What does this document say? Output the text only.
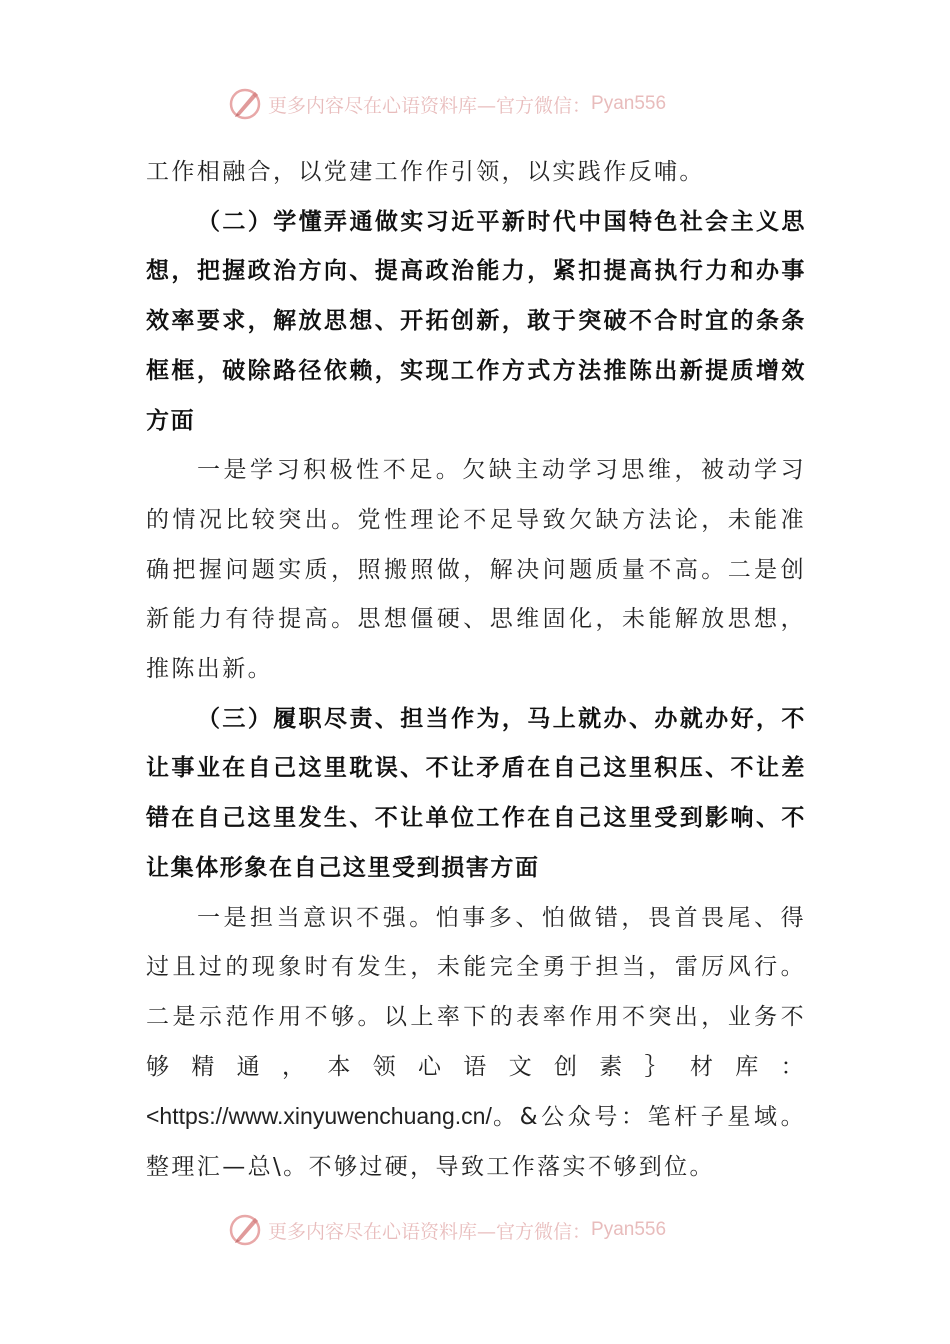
更多内容尽在心语资料库—官方微信： Pyan556

工作相融合，以党建工作作引领，以实践作反哺。

（二）学懂弄通做实习近平新时代中国特色社会主义思想，把握政治方向、提高政治能力，紧扣提高执行力和办事效率要求，解放思想、开拓创新，敢于突破不合时宜的条条框框，破除路径依赖，实现工作方式方法推陈出新提质增效方面

一是学习积极性不足。欠缺主动学习思维，被动学习的情况比较突出。党性理论不足导致欠缺方法论，未能准确把握问题实质，照搬照做，解决问题质量不高。二是创新能力有待提高。思想僵硬、思维固化，未能解放思想，推陈出新。

（三）履职尽责、担当作为，马上就办、办就办好，不让事业在自己这里耽误、不让矛盾在自己这里积压、不让差错在自己这里发生、不让单位工作在自己这里受到影响、不让集体形象在自己这里受到损害方面

一是担当意识不强。怕事多、怕做错，畏首畏尾、得过且过的现象时有发生，未能完全勇于担当，雷厉风行。二是示范作用不够。以上率下的表率作用不突出，业务不够精通，本领心语文创素｝材库：<https://www.xinyuwenchuang.cn/。&公众号：笔杆子星域。整理汇—总\。不够过硬，导致工作落实不够到位。

更多内容尽在心语资料库—官方微信： Pyan556
